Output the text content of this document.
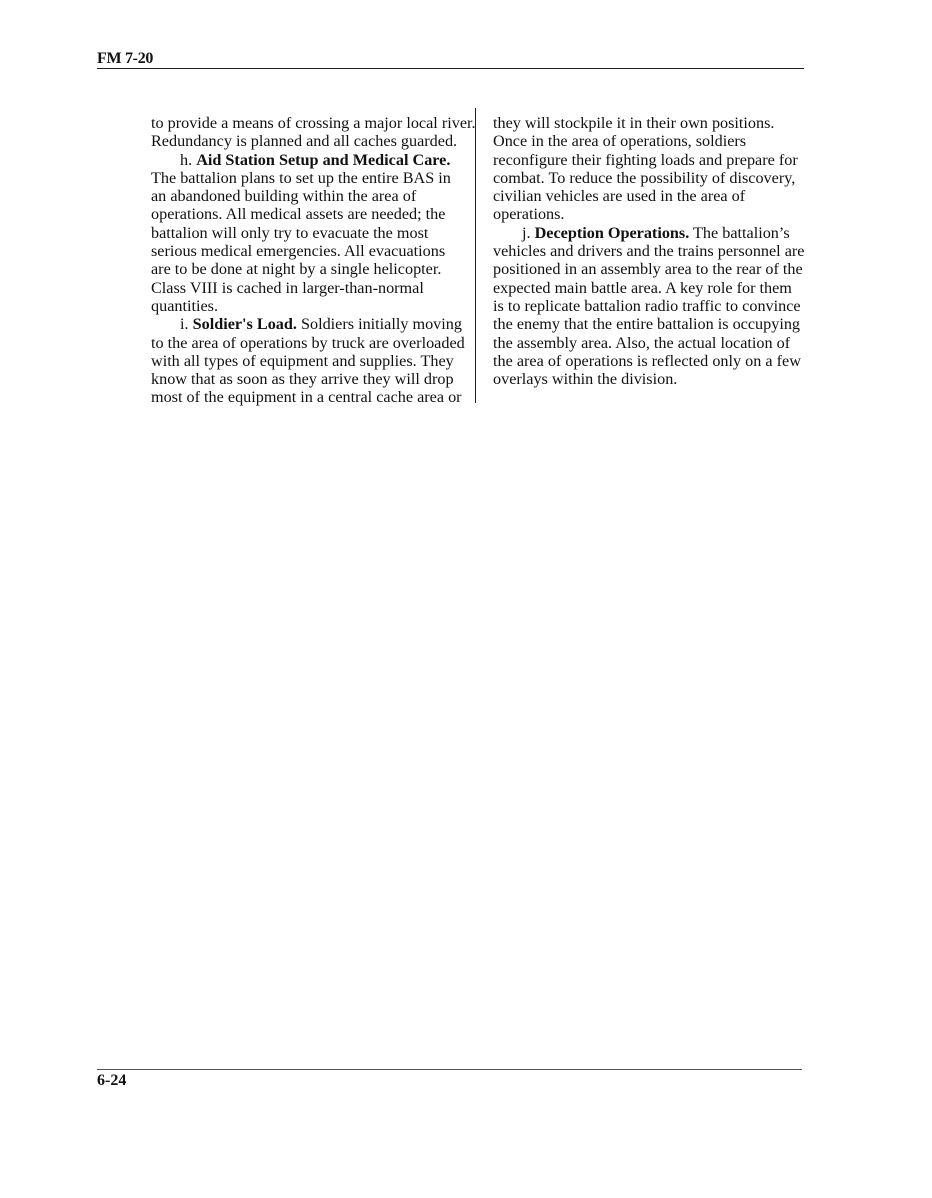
FM 7-20
to provide a means of crossing a major local river.
Redundancy is planned and all caches guarded.
h. Aid Station Setup and Medical Care.
The battalion plans to set up the entire BAS in
an abandoned building within the area of
operations. All medical assets are needed; the
battalion will only try to evacuate the most
serious medical emergencies. All evacuations
are to be done at night by a single helicopter.
Class VIII is cached in larger-than-normal
quantities.
i. Soldier's Load. Soldiers initially moving
to the area of operations by truck are overloaded
with all types of equipment and supplies. They
know that as soon as they arrive they will drop
most of the equipment in a central cache area or
they will stockpile it in their own positions.
Once in the area of operations, soldiers
reconfigure their fighting loads and prepare for
combat. To reduce the possibility of discovery,
civilian vehicles are used in the area of
operations.
j. Deception Operations. The battalion’s
vehicles and drivers and the trains personnel are
positioned in an assembly area to the rear of the
expected main battle area. A key role for them
is to replicate battalion radio traffic to convince
the enemy that the entire battalion is occupying
the assembly area. Also, the actual location of
the area of operations is reflected only on a few
overlays within the division.
6-24
